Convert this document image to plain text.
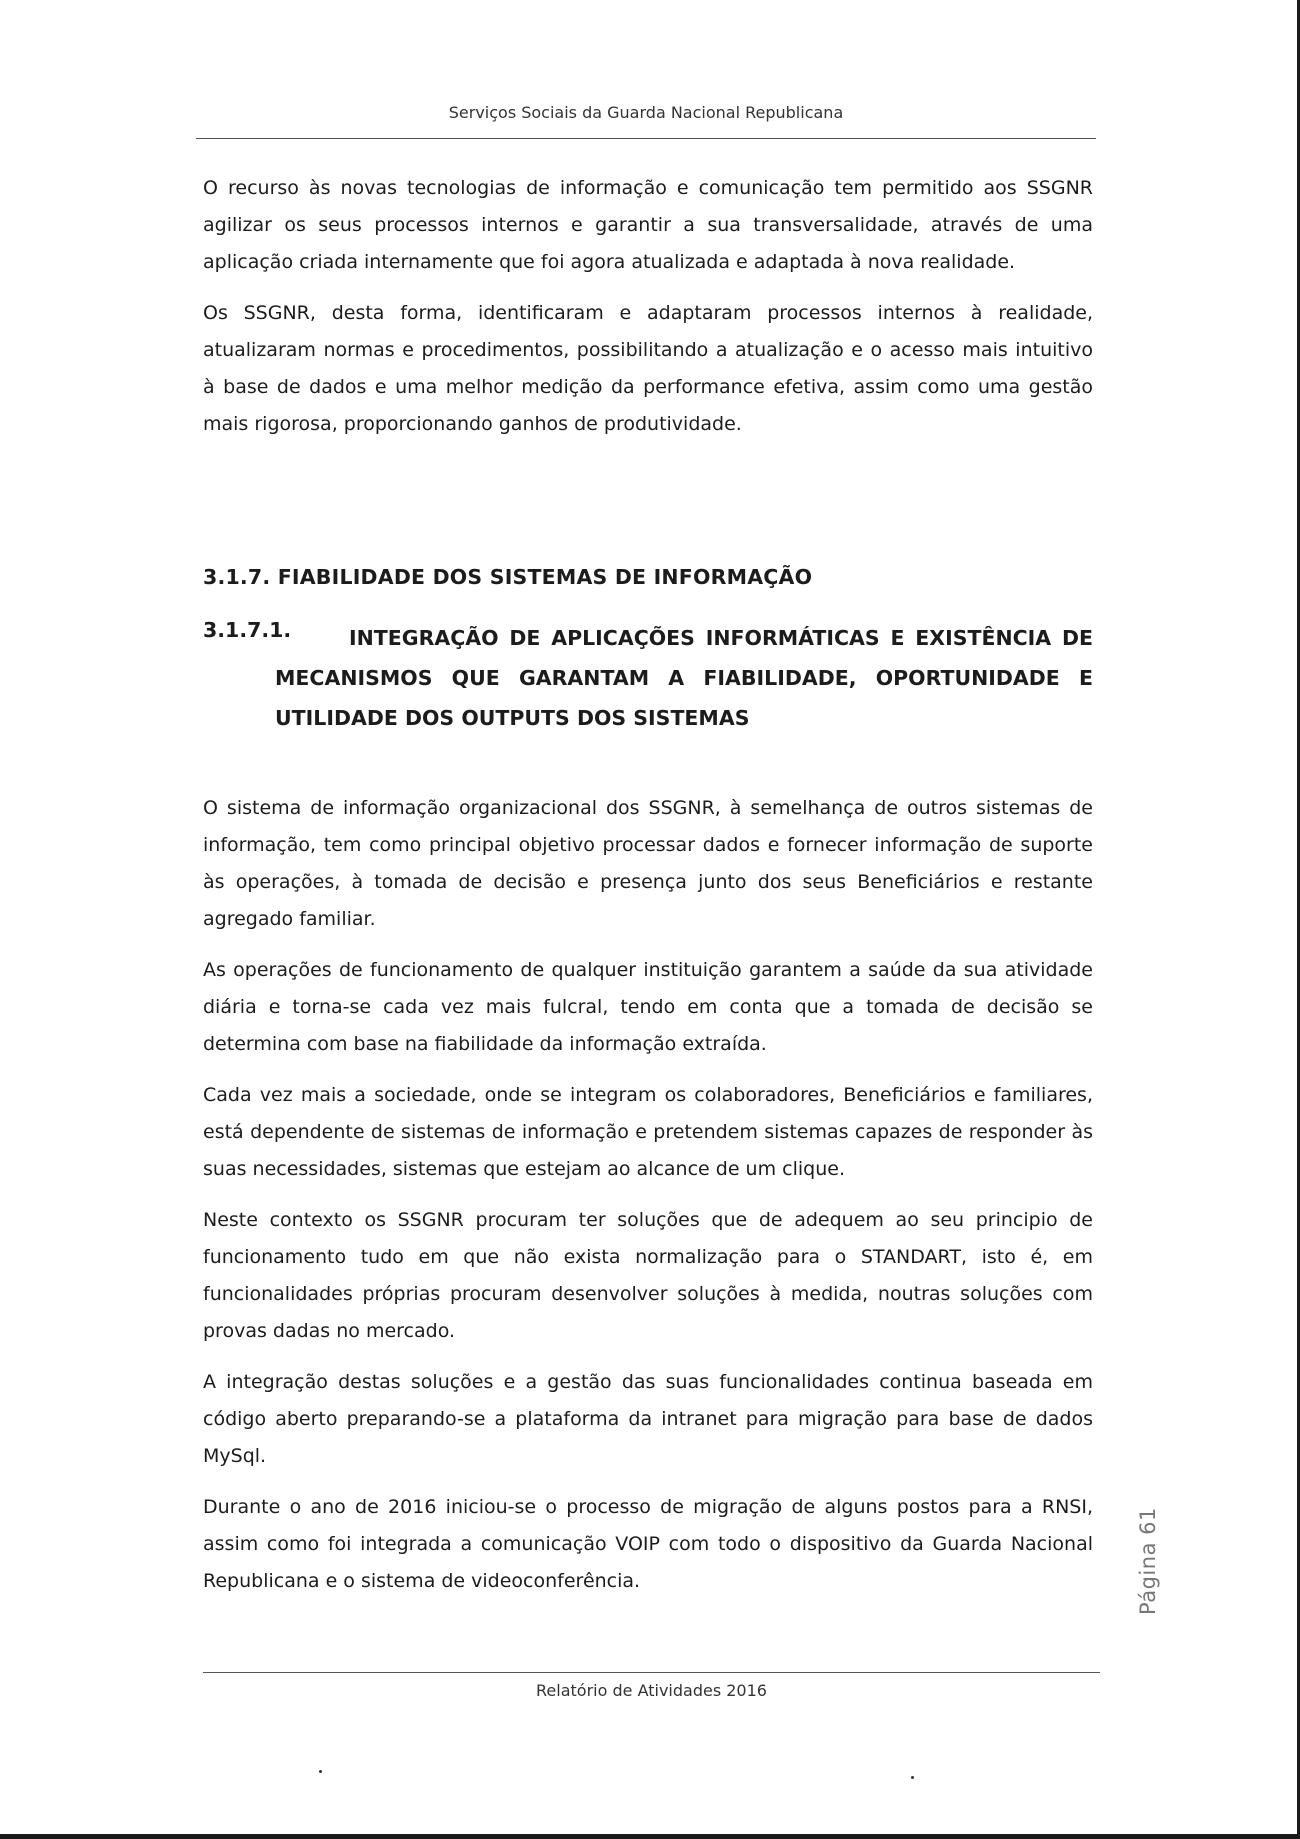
Serviços Sociais da Guarda Nacional Republicana

O recurso às novas tecnologias de informação e comunicação tem permitido aos SSGNR agilizar os seus processos internos e garantir a sua transversalidade, através de uma aplicação criada internamente que foi agora atualizada e adaptada à nova realidade.

Os SSGNR, desta forma, identificaram e adaptaram processos internos à realidade, atualizaram normas e procedimentos, possibilitando a atualização e o acesso mais intuitivo à base de dados e uma melhor medição da performance efetiva, assim como uma gestão mais rigorosa, proporcionando ganhos de produtividade.

3.1.7. FIABILIDADE DOS SISTEMAS DE INFORMAÇÃO
3.1.7.1.	INTEGRAÇÃO DE APLICAÇÕES INFORMÁTICAS E EXISTÊNCIA DE MECANISMOS QUE GARANTAM A FIABILIDADE, OPORTUNIDADE E UTILIDADE DOS OUTPUTS DOS SISTEMAS

O sistema de informação organizacional dos SSGNR, à semelhança de outros sistemas de informação, tem como principal objetivo processar dados e fornecer informação de suporte às operações, à tomada de decisão e presença junto dos seus Beneficiários e restante agregado familiar.

As operações de funcionamento de qualquer instituição garantem a saúde da sua atividade diária e torna-se cada vez mais fulcral, tendo em conta que a tomada de decisão se determina com base na fiabilidade da informação extraída.

Cada vez mais a sociedade, onde se integram os colaboradores, Beneficiários e familiares, está dependente de sistemas de informação e pretendem sistemas capazes de responder às suas necessidades, sistemas que estejam ao alcance de um clique.

Neste contexto os SSGNR procuram ter soluções que de adequem ao seu principio de funcionamento tudo em que não exista normalização para o STANDART, isto é, em funcionalidades próprias procuram desenvolver soluções à medida, noutras soluções com provas dadas no mercado.

A integração destas soluções e a gestão das suas funcionalidades continua baseada em código aberto preparando-se a plataforma da intranet para migração para base de dados MySql.

Durante o ano de 2016 iniciou-se o processo de migração de alguns postos para a RNSI, assim como foi integrada a comunicação VOIP com todo o dispositivo da Guarda Nacional Republicana e o sistema de videoconferência.	Página 61
Relatório de Atividades 2016
